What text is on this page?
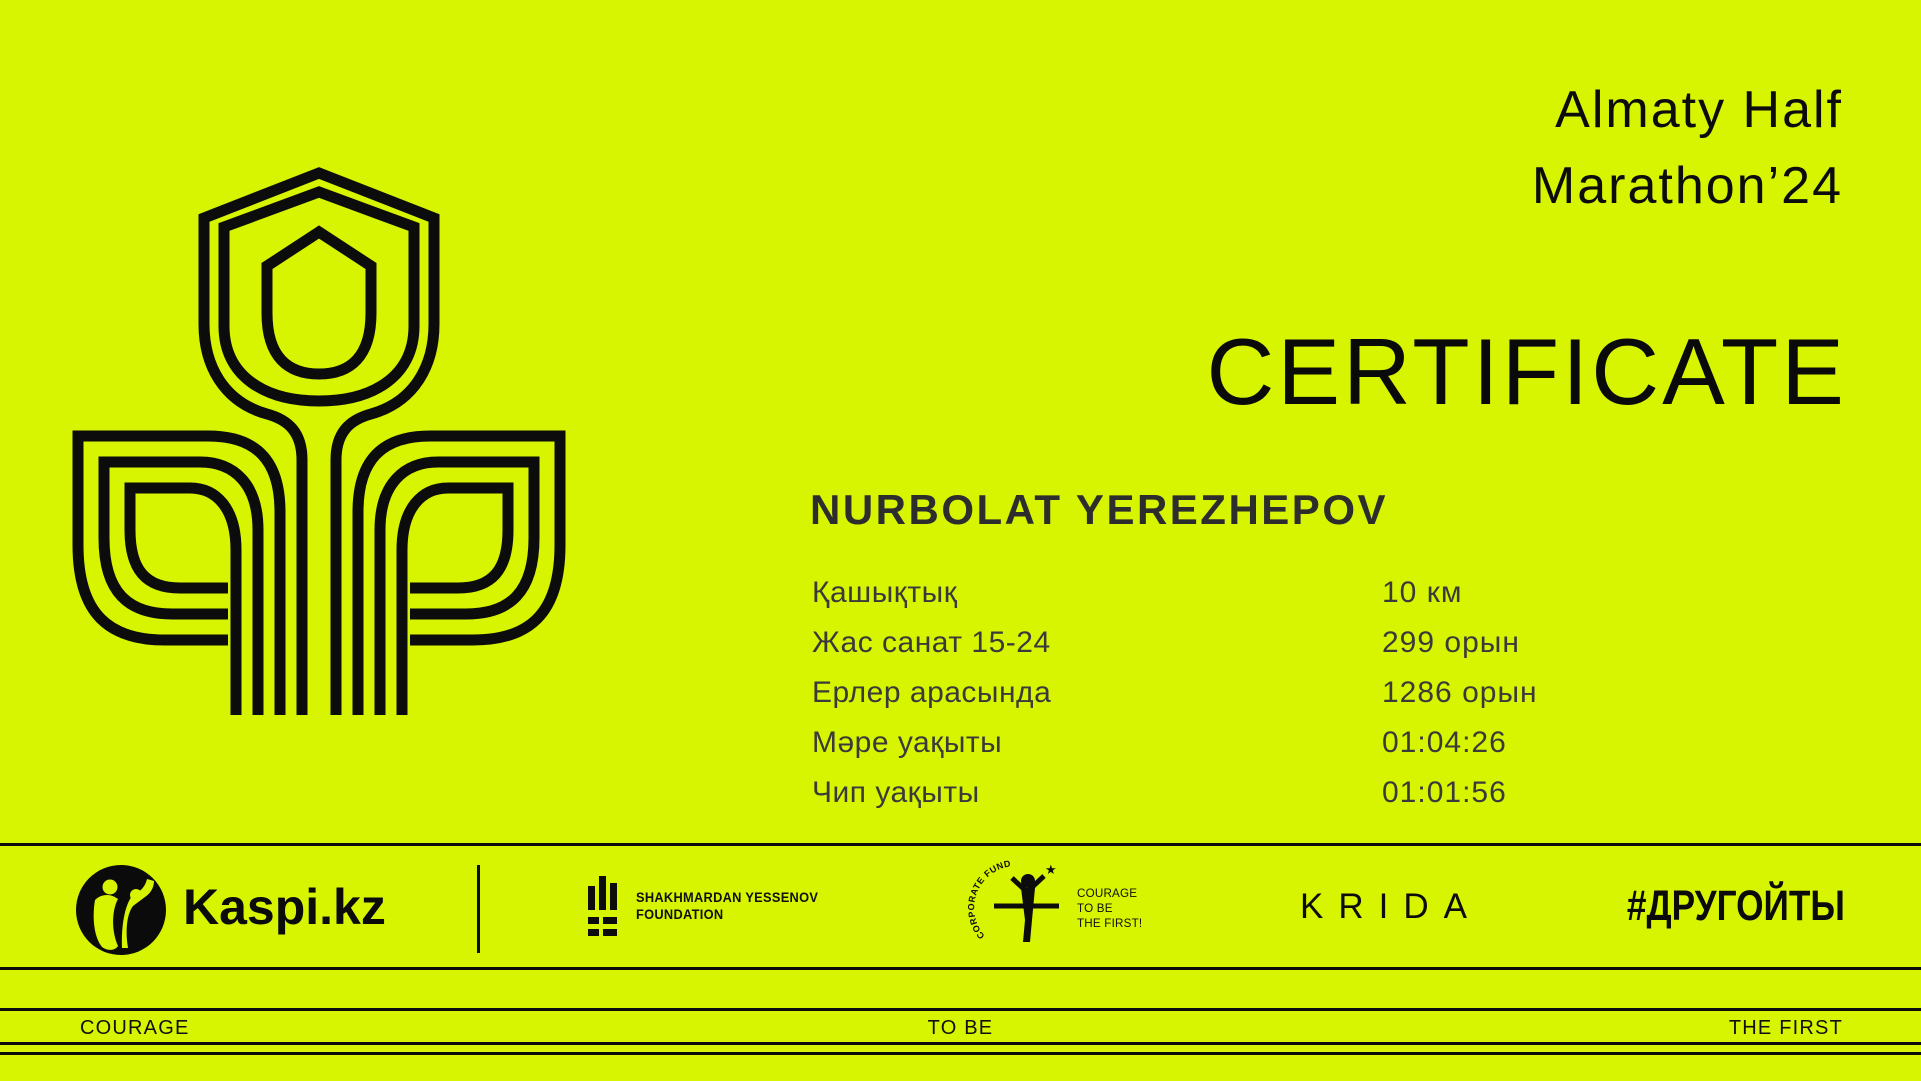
Almaty Half
Marathon’24
CERTIFICATE
NURBOLAT YEREZHEPOV
Қашықтық	10 км
Жас санат 15-24	299 орын
Ерлер арасында	1286 орын
Мәре уақыты	01:04:26
Чип уақыты	01:01:56
Kaspi.kz	SHAKHMARDAN YESSENOV
FOUNDATION
CORPORATE FUND	★
COURAGE
TO BE
THE FIRST!	KRIDA	#ДРУГОЙТЫ
COURAGE	TO BE	THE FIRST
